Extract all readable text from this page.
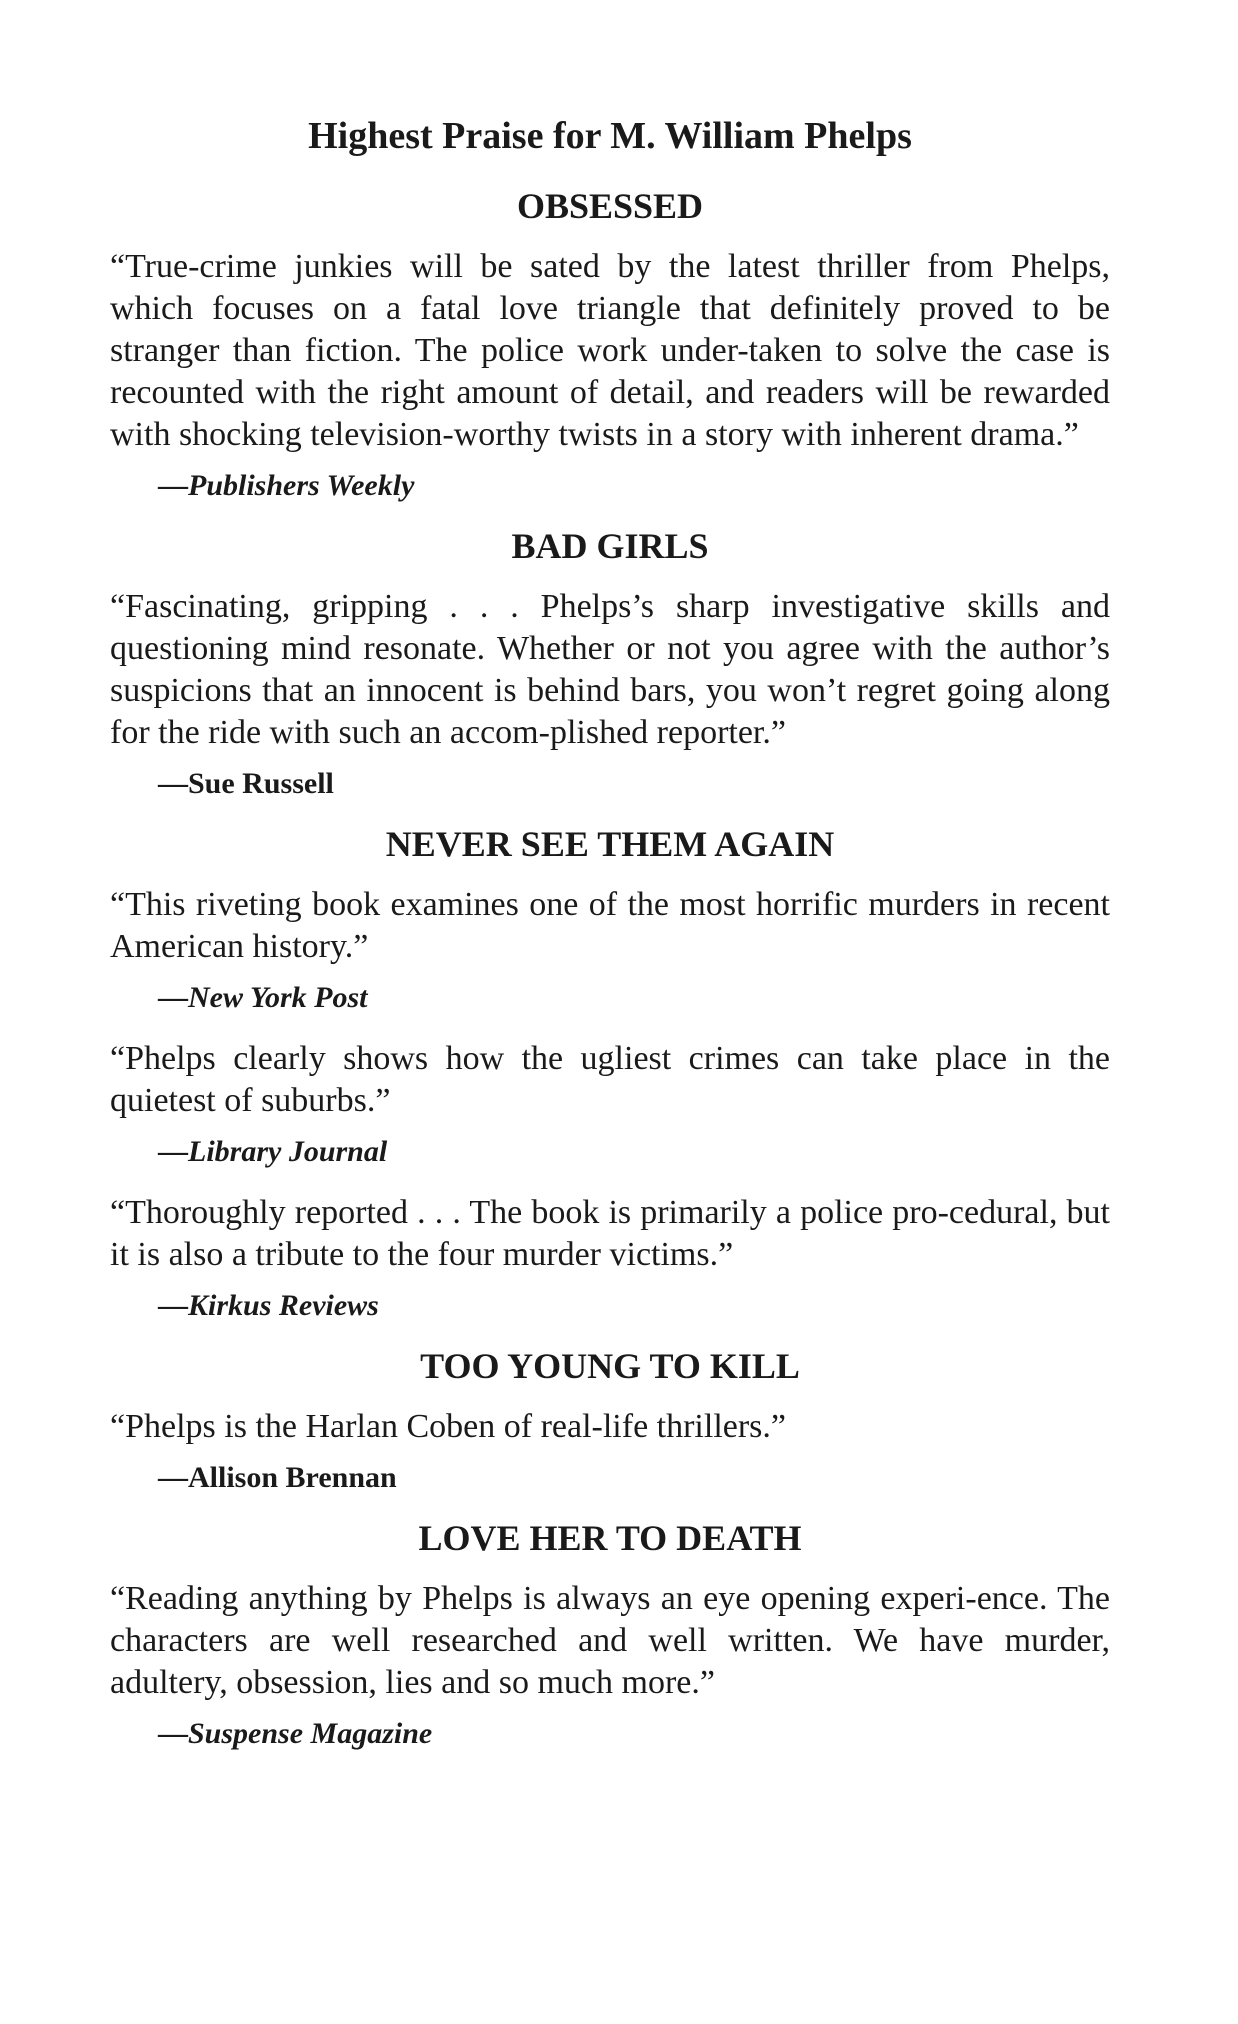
Highest Praise for M. William Phelps
OBSESSED

“True-crime junkies will be sated by the latest thriller from Phelps, which focuses on a fatal love triangle that definitely proved to be stranger than fiction. The police work under-taken to solve the case is recounted with the right amount of detail, and readers will be rewarded with shocking television-worthy twists in a story with inherent drama.”

—Publishers Weekly
BAD GIRLS

“Fascinating, gripping . . . Phelps’s sharp investigative skills and questioning mind resonate. Whether or not you agree with the author’s suspicions that an innocent is behind bars, you won’t regret going along for the ride with such an accom-plished reporter.”

—Sue Russell
NEVER SEE THEM AGAIN

“This riveting book examines one of the most horrific murders in recent American history.”

—New York Post

“Phelps clearly shows how the ugliest crimes can take place in the quietest of suburbs.”

—Library Journal

“Thoroughly reported . . . The book is primarily a police pro-cedural, but it is also a tribute to the four murder victims.”

—Kirkus Reviews
TOO YOUNG TO KILL

“Phelps is the Harlan Coben of real-life thrillers.”

—Allison Brennan
LOVE HER TO DEATH

“Reading anything by Phelps is always an eye opening experi-ence. The characters are well researched and well written. We have murder, adultery, obsession, lies and so much more.”

—Suspense Magazine
